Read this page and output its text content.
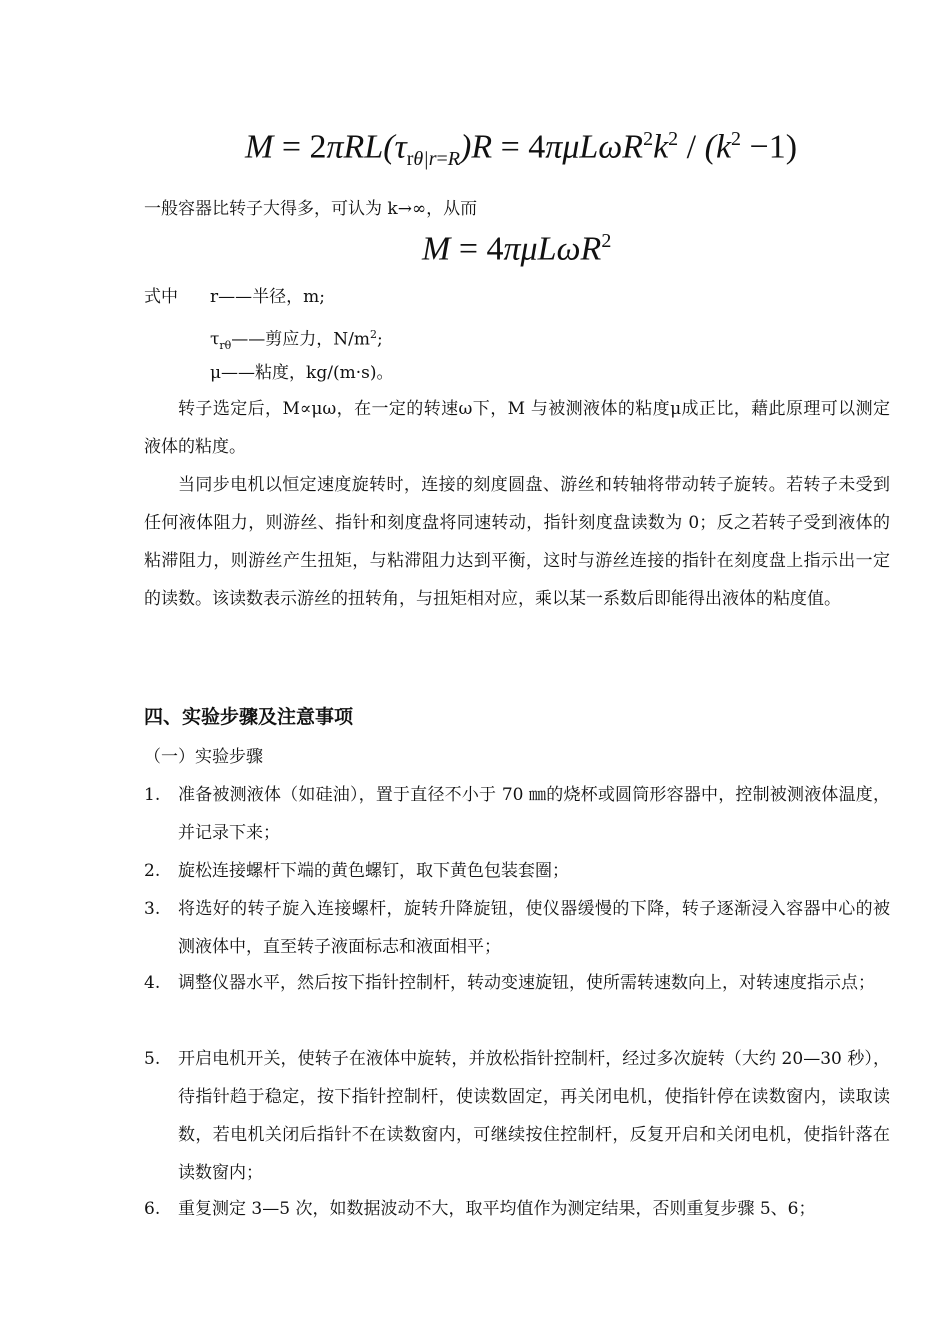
$M = 2\pi RL(\tau_{r\theta|r=R})R = 4\pi\mu L\omega R^2k^2 / (k^2 -1)$
一般容器比转子大得多，可认为 k→∞，从而
M = 4πμLωR$^2$
式中 r——半径，m;
$\tau_{r\theta}——$剪应力，$N/m^2$;
μ——粘度，kg/(m·s)。
转子选定后，M∝μω，在一定的转速ω下，M 与被测液体的粘度μ成正比，藉此原理可以测定液体的粘度。
当同步电机以恒定速度旋转时，连接的刻度圆盘、游丝和转轴将带动转子旋转。若转子未受到任何液体阻力，则游丝、指针和刻度盘将同速转动，指针刻度盘读数为 0；反之若转子受到液体的粘滞阻力，则游丝产生扭矩，与粘滞阻力达到平衡，这时与游丝连接的指针在刻度盘上指示出一定的读数。该读数表示游丝的扭转角，与扭矩相对应，乘以某一系数后即能得出液体的粘度值。
四、实验步骤及注意事项
（一）实验步骤
1.	准备被测液体（如硅油），置于直径不小于 70 ㎜的烧杯或圆筒形容器中，控制被测液体温度，并记录下来；
2.	旋松连接螺杆下端的黄色螺钉，取下黄色包装套圈；
3.	将选好的转子旋入连接螺杆，旋转升降旋钮，使仪器缓慢的下降，转子逐渐浸入容器中心的被测液体中，直至转子液面标志和液面相平；
4.	调整仪器水平，然后按下指针控制杆，转动变速旋钮，使所需转速数向上，对转速度指示点；
5.	开启电机开关，使转子在液体中旋转，并放松指针控制杆，经过多次旋转（大约 20—30 秒），待指针趋于稳定，按下指针控制杆，使读数固定，再关闭电机，使指针停在读数窗内，读取读数，若电机关闭后指针不在读数窗内，可继续按住控制杆，反复开启和关闭电机，使指针落在读数窗内；
6.	重复测定 3—5 次，如数据波动不大，取平均值作为测定结果，否则重复步骤 5、6；
